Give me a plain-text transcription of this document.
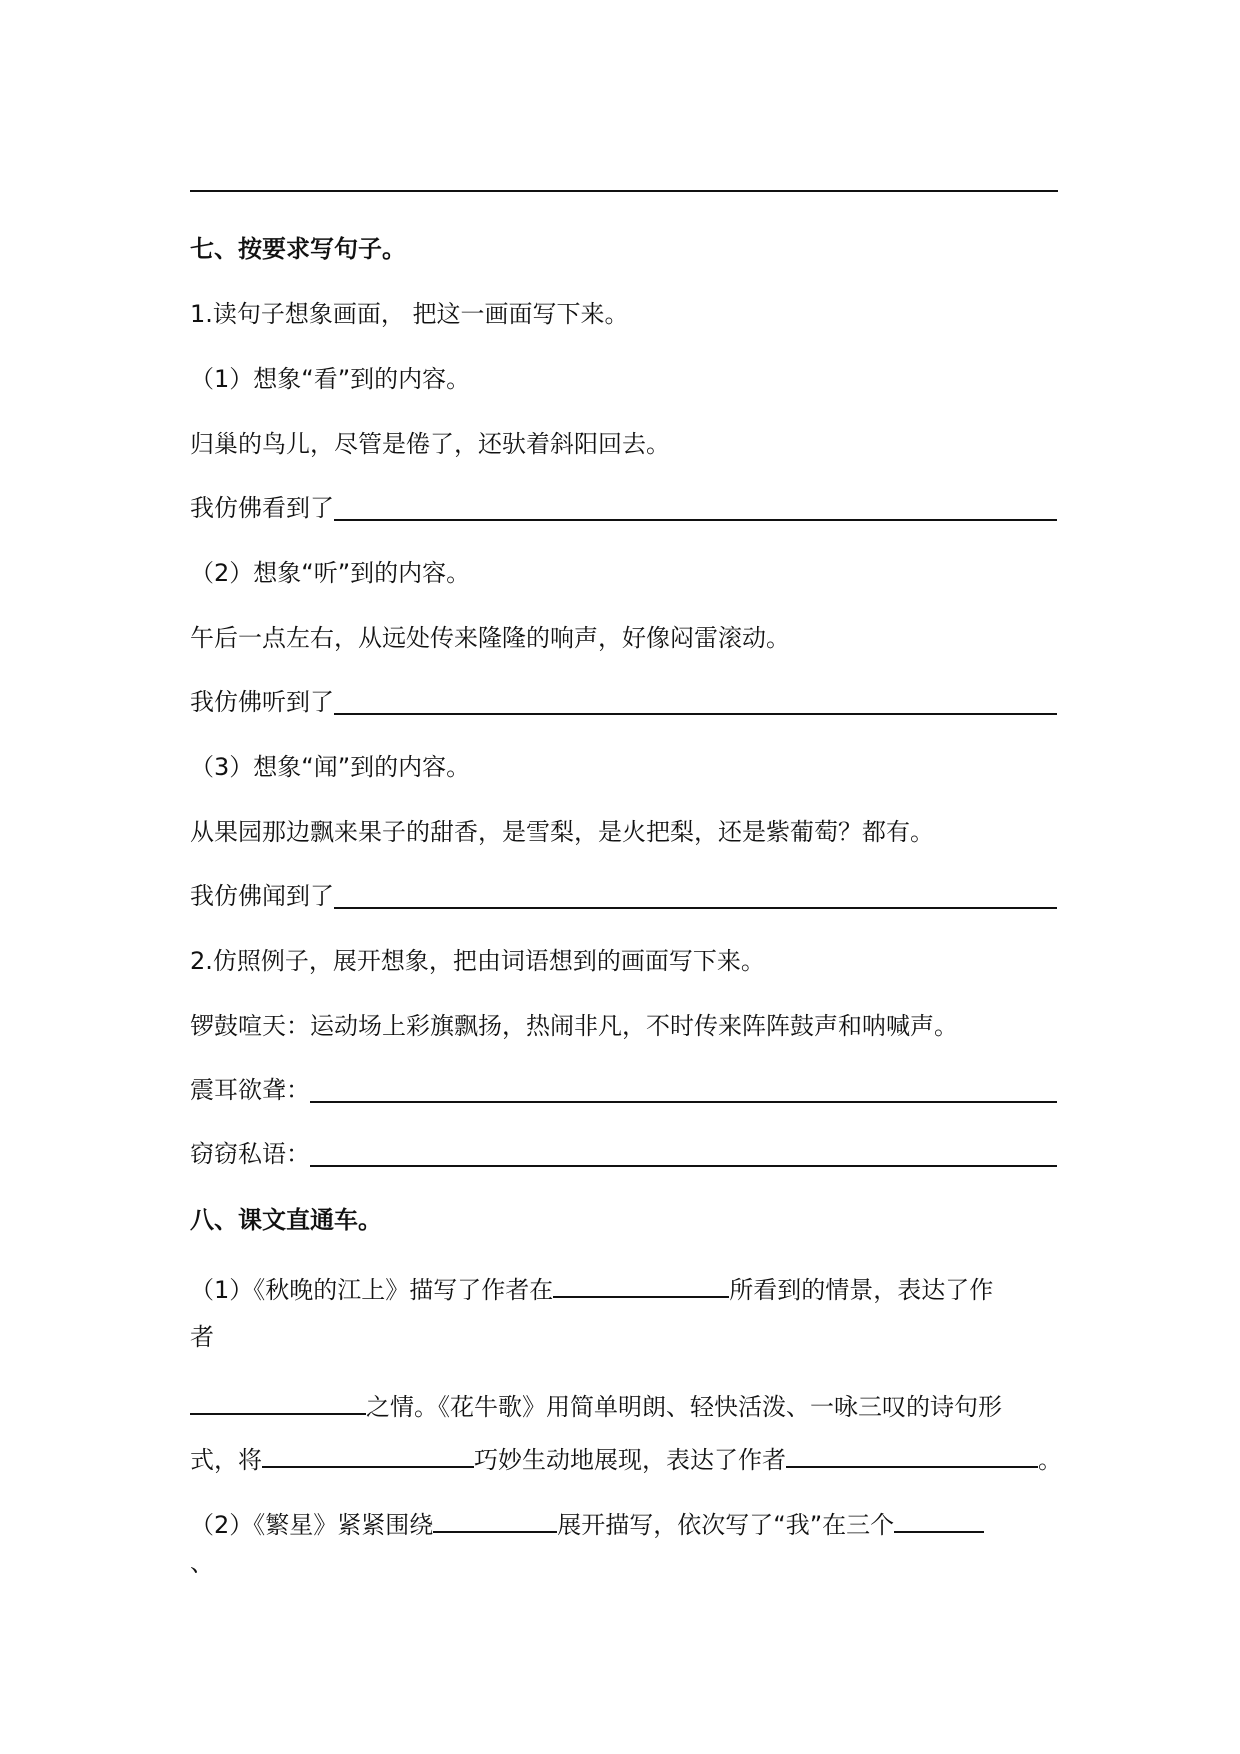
七、按要求写句子。
1.读句子想象画面， 把这一画面写下来。
（1）想象“看”到的内容。
归巢的鸟儿，尽管是倦了，还驮着斜阳回去。
我仿佛看到了
（2）想象“听”到的内容。
午后一点左右，从远处传来隆隆的响声，好像闷雷滚动。
我仿佛听到了
（3）想象“闻”到的内容。
从果园那边飘来果子的甜香，是雪梨，是火把梨，还是紫葡萄？都有。
我仿佛闻到了
2.仿照例子，展开想象，把由词语想到的画面写下来。
锣鼓喧天：运动场上彩旗飘扬，热闹非凡，不时传来阵阵鼓声和呐喊声。
震耳欲聋：
窃窃私语：
八、课文直通车。
（1）《秋晚的江上》描写了作者在	所看到的情景，表达了作
者
之情。《花牛歌》用简单明朗、轻快活泼、一咏三叹的诗句形
式，将	巧妙生动地展现，表达了作者	。
（2）《繁星》紧紧围绕	展开描写，依次写了“我”在三个
、
